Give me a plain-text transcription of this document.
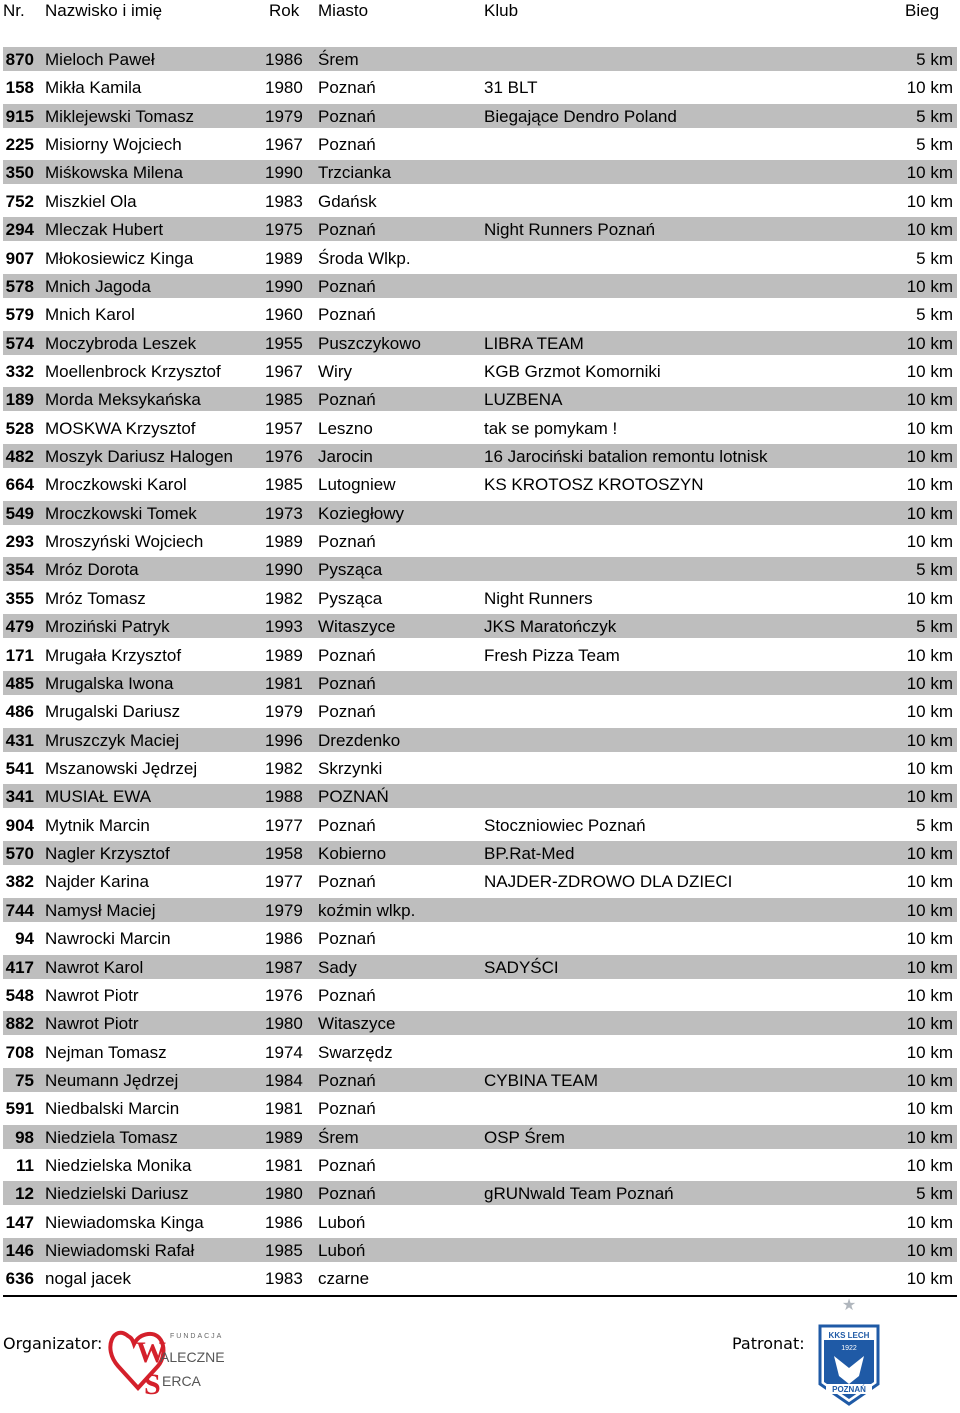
Nr. Nazwisko i imię	Rok Miasto	Klub	Bieg
870 Mieloch Paweł	1986 Śrem	5 km
158 Mikła Kamila	1980 Poznań	31 BLT	10 km
915 Miklejewski Tomasz	1979 Poznań	Biegające Dendro Poland	5 km
225 Misiorny Wojciech	1967 Poznań	5 km
350 Miśkowska Milena	1990 Trzcianka	10 km
752 Miszkiel Ola	1983 Gdańsk	10 km
294 Mleczak Hubert	1975 Poznań	Night Runners Poznań	10 km
907 Młokosiewicz Kinga	1989 Środa Wlkp.	5 km
578 Mnich Jagoda	1990 Poznań	10 km
579 Mnich Karol	1960 Poznań	5 km
574 Moczybroda Leszek	1955 Puszczykowo	LIBRA TEAM	10 km
332 Moellenbrock Krzysztof	1967 Wiry	KGB Grzmot Komorniki	10 km
189 Morda Meksykańska	1985 Poznań	LUZBENA	10 km
528 MOSKWA Krzysztof	1957 Leszno	tak se pomykam !	10 km
482 Moszyk Dariusz Halogen 1976 Jarocin	16 Jarociński batalion remontu lotnisk	10 km
664 Mroczkowski Karol	1985 Lutogniew	KS KROTOSZ KROTOSZYN	10 km
549 Mroczkowski Tomek	1973 Koziegłowy	10 km
293 Mroszyński Wojciech	1989 Poznań	10 km
354 Mróz Dorota	1990 Pysząca	5 km
355 Mróz Tomasz	1982 Pysząca	Night Runners	10 km
479 Mroziński Patryk	1993 Witaszyce	JKS Maratończyk	5 km
171 Mrugała Krzysztof	1989 Poznań	Fresh Pizza Team	10 km
485 Mrugalska Iwona	1981 Poznań	10 km
486 Mrugalski Dariusz	1979 Poznań	10 km
431 Mruszczyk Maciej	1996 Drezdenko	10 km
541 Mszanowski Jędrzej	1982 Skrzynki	10 km
341 MUSIAŁ EWA	1988 POZNAŃ	10 km
904 Mytnik Marcin	1977 Poznań	Stoczniowiec Poznań	5 km
570 Nagler Krzysztof	1958 Kobierno	BP.Rat-Med	10 km
382 Najder Karina	1977 Poznań	NAJDER-ZDROWO DLA DZIECI	10 km
744 Namysł Maciej	1979 koźmin wlkp.	10 km
94 Nawrocki Marcin	1986 Poznań	10 km
417 Nawrot Karol	1987 Sady	SADYŚCI	10 km
548 Nawrot Piotr	1976 Poznań	10 km
882 Nawrot Piotr	1980 Witaszyce	10 km
708 Nejman Tomasz	1974 Swarzędz	10 km
75 Neumann Jędrzej	1984 Poznań	CYBINA TEAM	10 km
591 Niedbalski Marcin	1981 Poznań	10 km
98 Niedziela Tomasz	1989 Śrem	OSP Śrem	10 km
11 Niedzielska Monika	1981 Poznań	10 km
12 Niedzielski Dariusz	1980 Poznań	gRUNwald Team Poznań	5 km
147 Niewiadomska Kinga	1986 Luboń	10 km
146 Niewiadomski Rafał	1985 Luboń	10 km
636 nogal jacek	1983 czarne	10 km
Organizator: W
S
FUNDACJA
ALECZNE
ERCA
Patronat:
★
KKS LECH
1922
POZNAŃ
